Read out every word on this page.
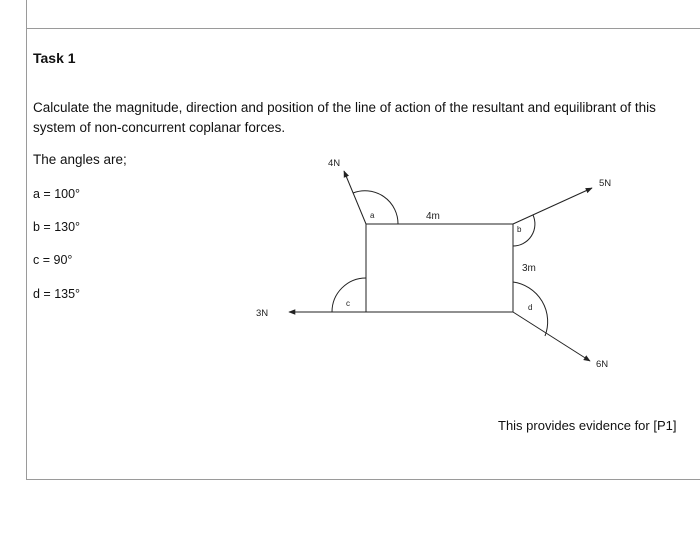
Task 1
Calculate the magnitude, direction and position of the line of action of the resultant and equilibrant of this system of non-concurrent coplanar forces.
The angles are;
a = 100°
b = 130°
c = 90°
d = 135°
4N
5N
3N
6N
4m
3m
a
b
c	d
This provides evidence for [P1]
